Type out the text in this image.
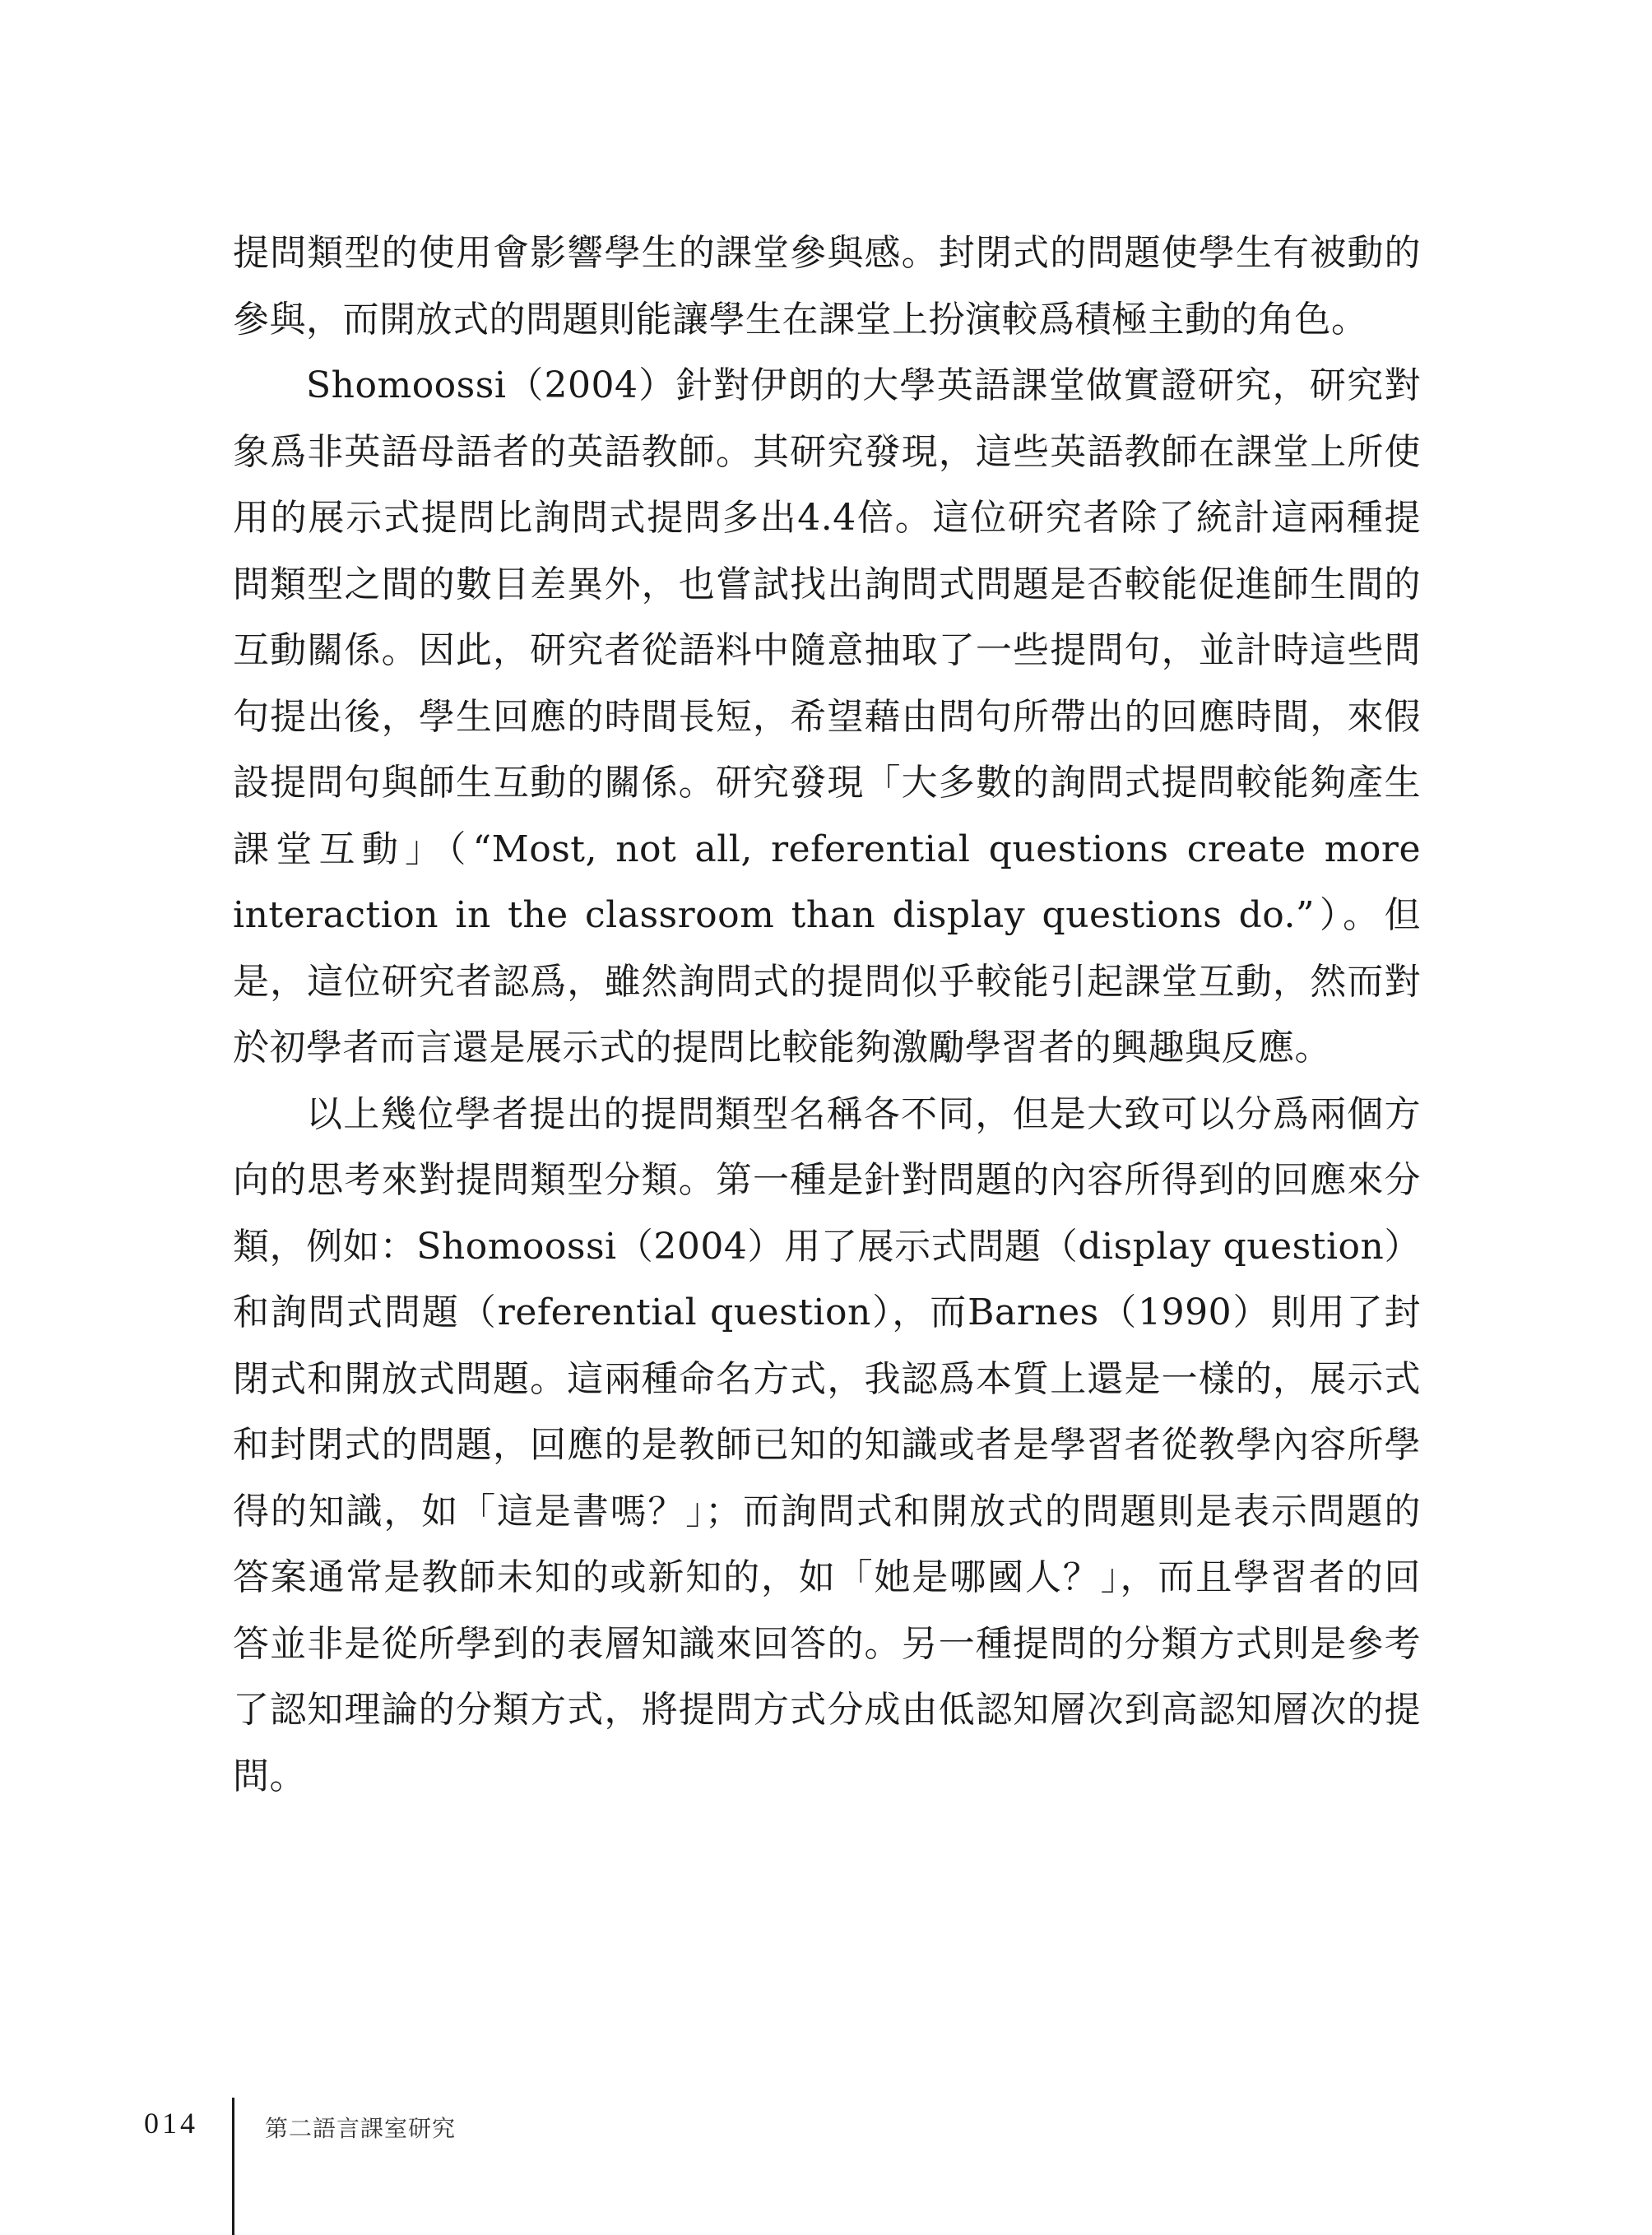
提問類型的使用會影響學生的課堂參與感。封閉式的問題使學生有被動的參與，而開放式的問題則能讓學生在課堂上扮演較爲積極主動的角色。

Shomoossi（2004）針對伊朗的大學英語課堂做實證研究，研究對象爲非英語母語者的英語教師。其研究發現，這些英語教師在課堂上所使用的展示式提問比詢問式提問多出4.4倍。這位研究者除了統計這兩種提問類型之間的數目差異外，也嘗試找出詢問式問題是否較能促進師生間的互動關係。因此，研究者從語料中隨意抽取了一些提問句，並計時這些問句提出後，學生回應的時間長短，希望藉由問句所帶出的回應時間，來假設提問句與師生互動的關係。研究發現「大多數的詢問式提問較能夠產生課堂互動」（“Most, not all, referential questions create more interaction in the classroom than display questions do.”）。但是，這位研究者認爲，雖然詢問式的提問似乎較能引起課堂互動，然而對於初學者而言還是展示式的提問比較能夠激勵學習者的興趣與反應。

以上幾位學者提出的提問類型名稱各不同，但是大致可以分爲兩個方向的思考來對提問類型分類。第一種是針對問題的內容所得到的回應來分類，例如：Shomoossi（2004）用了展示式問題（display question）和詢問式問題（referential question），而Barnes（1990）則用了封閉式和開放式問題。這兩種命名方式，我認爲本質上還是一樣的，展示式和封閉式的問題，回應的是教師已知的知識或者是學習者從教學內容所學得的知識，如「這是書嗎？」；而詢問式和開放式的問題則是表示問題的答案通常是教師未知的或新知的，如「她是哪國人？」，而且學習者的回答並非是從所學到的表層知識來回答的。另一種提問的分類方式則是參考了認知理論的分類方式，將提問方式分成由低認知層次到高認知層次的提問。

014	第二語言課室研究
